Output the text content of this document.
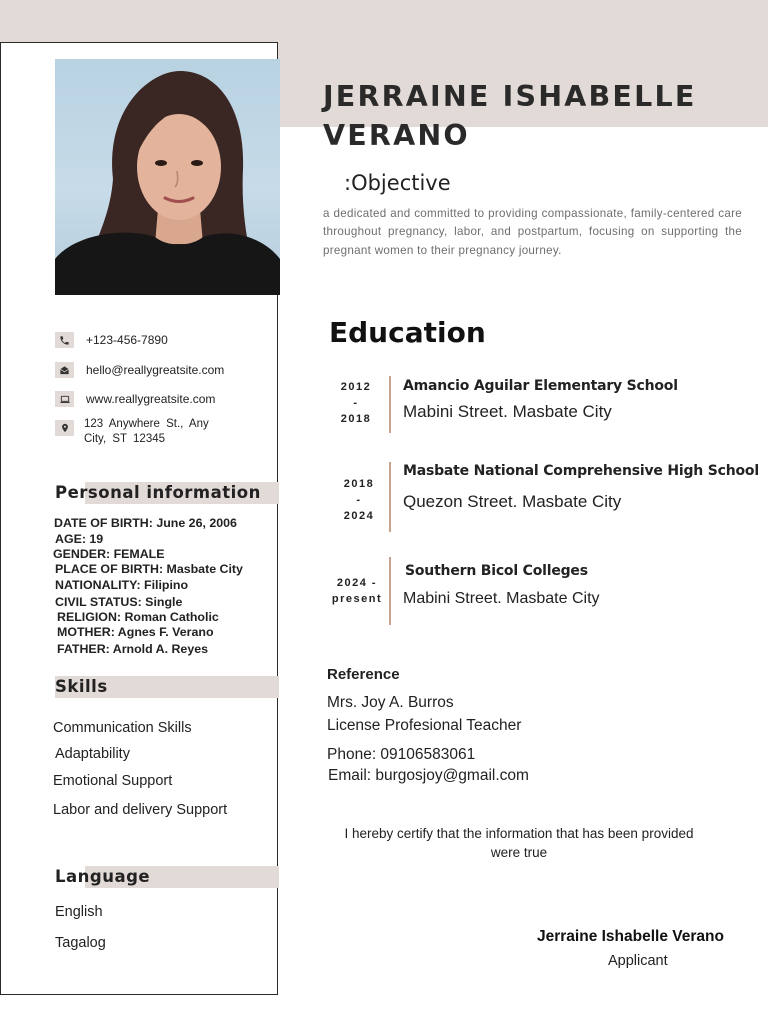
JERRAINE ISHABELLE VERANO
:Objective
a dedicated and committed to providing compassionate, family-centered care throughout pregnancy, labor, and postpartum, focusing on supporting the pregnant women to their pregnancy journey.
+123-456-7890
hello@reallygreatsite.com
www.reallygreatsite.com
123 Anywhere St., Any City, ST 12345
Personal information
DATE OF BIRTH: June 26, 2006
AGE: 19
GENDER: FEMALE
PLACE OF BIRTH: Masbate City
NATIONALITY: Filipino
CIVIL STATUS: Single
RELIGION: Roman Catholic
MOTHER: Agnes F. Verano
FATHER: Arnold A. Reyes
Skills
Communication Skills
Adaptability
Emotional Support
Labor and delivery Support
Language
English
Tagalog
Education
2012
-
2018
Amancio Aguilar Elementary School
Mabini Street. Masbate City
2018
-
2024
Masbate National Comprehensive High School
Quezon Street. Masbate City
2024 -
present
Southern Bicol Colleges
Mabini Street. Masbate City
Reference
Mrs. Joy A. Burros
License Profesional Teacher
Phone: 09106583061
Email: burgosjoy@gmail.com
I hereby certify that the information that has been provided were true
Jerraine Ishabelle Verano
Applicant
